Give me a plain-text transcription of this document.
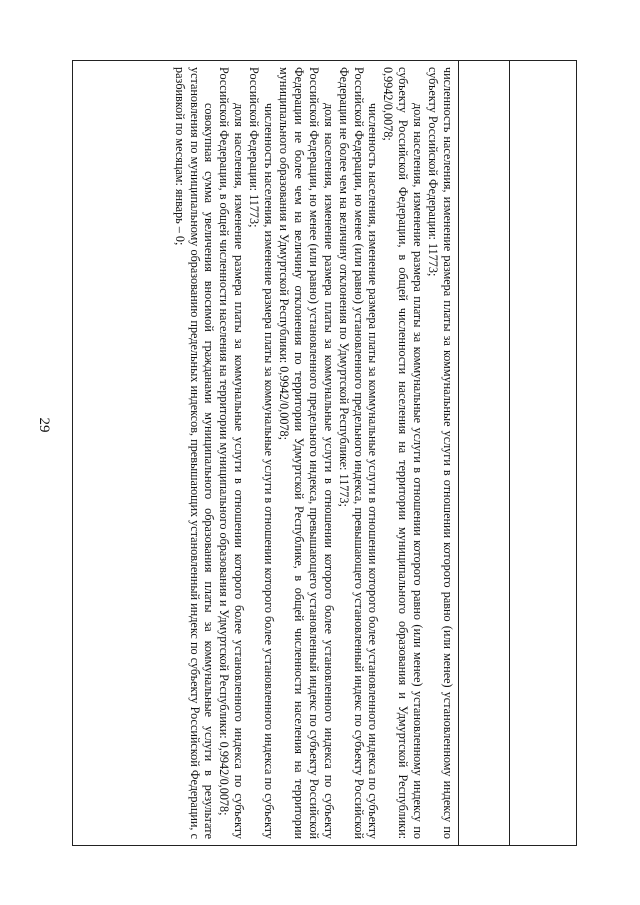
29	численность населения, изменение размера платы за коммунальные услуги в отношении которого равно (или менее) установленному индексу по субъекту Российской Федерации: 11773;

доля населения, изменение размера платы за коммунальные услуги в отношении которого равно (или менее) установленному индексу по субъекту Российской Федерации, в общей численности населения на территории муниципального образования и Удмуртской Республики: 0,9942/0,0078;

численность населения, изменение размера платы за коммунальные услуги в отношении которого более установленного индекса по субъекту Российской Федерации, но менее (или равно) установленного предельного индекса, превышающего установленный индекс по субъекту Российской Федерации не более чем на величину отклонения по Удмуртской Республике: 11773;

доля населения, изменение размера платы за коммунальные услуги в отношении которого более установленного индекса по субъекту Российской Федерации, но менее (или равно) установленного предельного индекса, превышающего установленный индекс по субъекту Российской Федерации не более чем на величину отклонения по территории Удмуртской Республике, в общей численности населения на территории муниципального образования и Удмуртской Республики: 0,9942/0,0078;

численность населения, изменение размера платы за коммунальные услуги в отношении которого более установленного индекса по субъекту Российской Федерации: 11773;

доля населения, изменение размера платы за коммунальные услуги в отношении которого более установленного индекса по субъекту Российской Федерации, в общей численности населения на территории муниципального образования и Удмуртской Республики: 0,9942/0,0078;

совокупная сумма увеличения вносимой гражданами муниципального образования платы за коммунальные услуги в результате установления по муниципальному образованию предельных индексов, превышающих установленный индекс по субъекту Российской Федерации, с разбивкой по месяцам: январь – 0;
